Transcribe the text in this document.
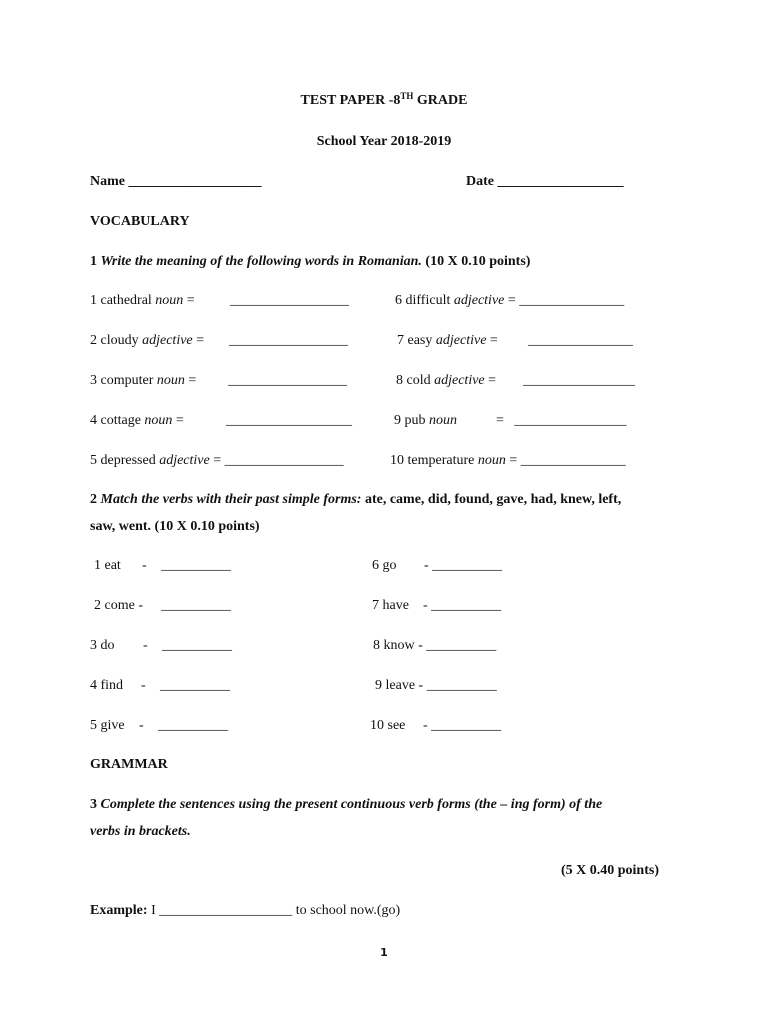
TEST PAPER -8TH GRADE
School Year 2018-2019
Name ___________________	Date __________________
VOCABULARY
1 Write the meaning of the following words in Romanian. (10 X 0.10 points)
1 cathedral noun =	_________________
2 cloudy adjective = _________________
3 computer noun = _________________
4 cottage noun =	__________________
5 depressed adjective = _________________
6 difficult adjective = _______________
7 easy adjective = _______________
8 cold adjective = ________________
9 pub noun	=   ________________
10 temperature noun = _______________
2 Match the verbs with their past simple forms: ate, came, did, found, gave, had, knew, left,
saw, went. (10 X 0.10 points)
1 eat - __________
2 come - __________
3 do - __________
4 find - __________
5 give - __________
6 go - __________
7 have - __________
8 know - __________
9 leave - __________
10 see - __________
GRAMMAR
3 Complete the sentences using the present continuous verb forms (the – ing form) of the
verbs in brackets.
(5 X 0.40 points)
Example: I ___________________ to school now.(go)
1
